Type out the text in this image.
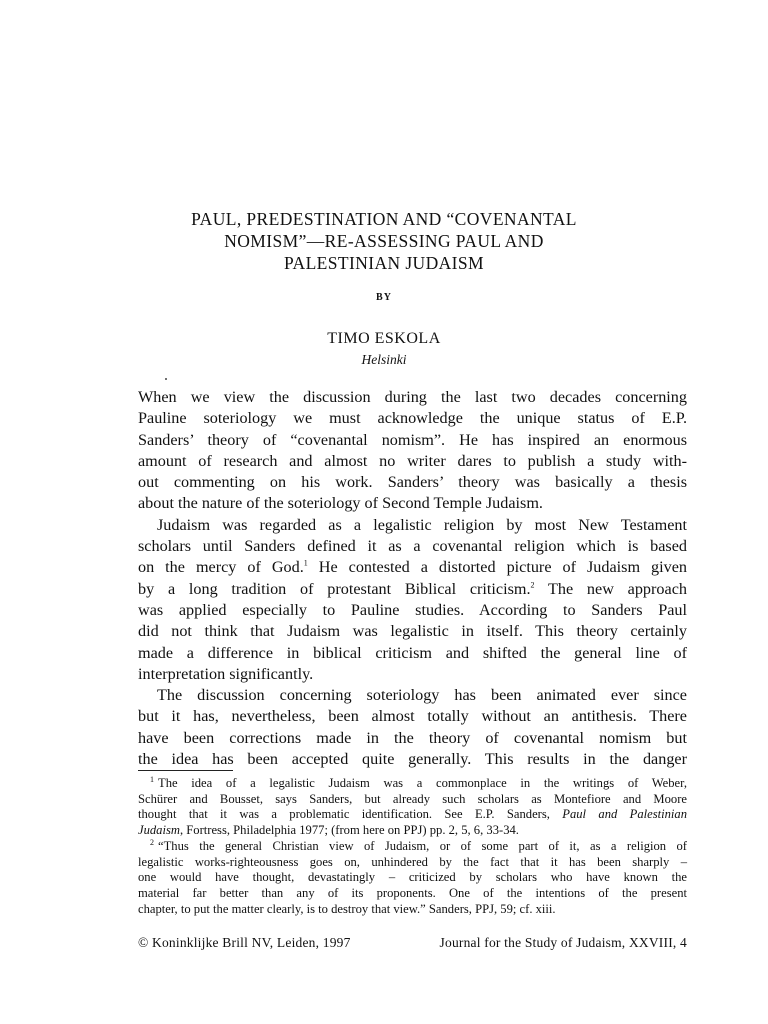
PAUL, PREDESTINATION AND “COVENANTAL
NOMISM”—RE-ASSESSING PAUL AND
PALESTINIAN JUDAISM
BY
TIMO ESKOLA
Helsinki

When we view the discussion during the last two decades concerning
Pauline soteriology we must acknowledge the unique status of E.P.
Sanders’ theory of “covenantal nomism”. He has inspired an enormous
amount of research and almost no writer dares to publish a study with-
out commenting on his work. Sanders’ theory was basically a thesis
about the nature of the soteriology of Second Temple Judaism.

Judaism was regarded as a legalistic religion by most New Testament
scholars until Sanders defined it as a covenantal religion which is based
on the mercy of God.$^1$ He contested a distorted picture of Judaism given
by a long tradition of protestant Biblical criticism.$^2$ The new approach
was applied especially to Pauline studies. According to Sanders Paul
did not think that Judaism was legalistic in itself. This theory certainly
made a difference in biblical criticism and shifted the general line of
interpretation significantly.

The discussion concerning soteriology has been animated ever since
but it has, nevertheless, been almost totally without an antithesis. There
have been corrections made in the theory of covenantal nomism but
the idea has been accepted quite generally. This results in the danger

$^1$ The idea of a legalistic Judaism was a commonplace in the writings of Weber,
Schürer and Bousset, says Sanders, but already such scholars as Montefiore and Moore
thought that it was a problematic identification. See E.P. Sanders, Paul and Palestinian
Judaism, Fortress, Philadelphia 1977; (from here on PPJ) pp. 2, 5, 6, 33-34.

$^2$ “Thus the general Christian view of Judaism, or of some part of it, as a religion of
legalistic works-righteousness goes on, unhindered by the fact that it has been sharply –
one would have thought, devastatingly – criticized by scholars who have known the
material far better than any of its proponents. One of the intentions of the present
chapter, to put the matter clearly, is to destroy that view.” Sanders, PPJ, 59; cf. xiii.

© Koninklijke Brill NV, Leiden, 1997	Journal for the Study of Judaism, XXVIII, 4
